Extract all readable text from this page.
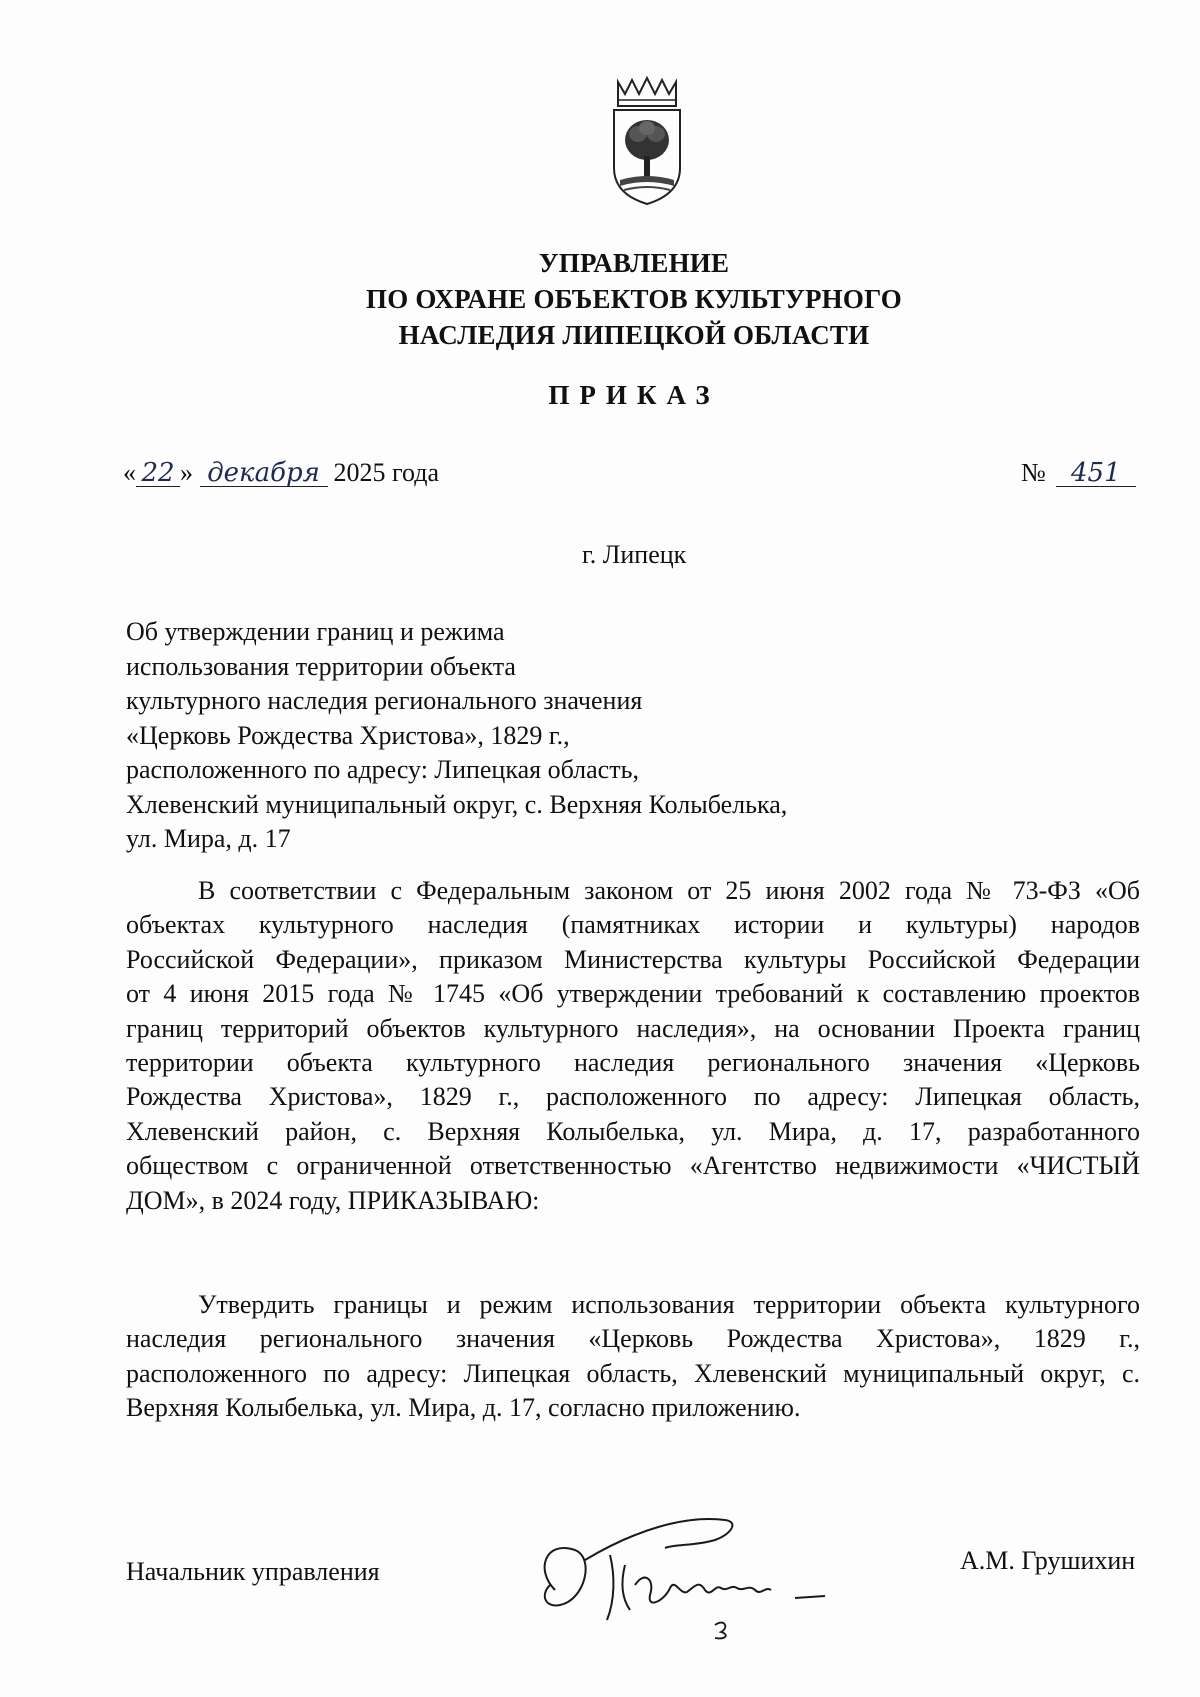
УПРАВЛЕНИЕ
ПО ОХРАНЕ ОБЪЕКТОВ КУЛЬТУРНОГО
НАСЛЕДИЯ ЛИПЕЦКОЙ ОБЛАСТИ
ПРИКАЗ
« 22 » декабря 2025 года	№ 451
г. Липецк
Об утверждении границ и режима
использования территории объекта
культурного наследия регионального значения
«Церковь Рождества Христова», 1829 г.,
расположенного по адресу: Липецкая область,
Хлевенский муниципальный округ, с. Верхняя Колыбелька,
ул. Мира, д. 17
В соответствии с Федеральным законом от 25 июня 2002 года № 73-ФЗ «Об
объектах культурного наследия (памятниках истории и культуры) народов
Российской Федерации», приказом Министерства культуры Российской Федерации
от 4 июня 2015 года № 1745 «Об утверждении требований к составлению проектов
границ территорий объектов культурного наследия», на основании Проекта границ
территории объекта культурного наследия регионального значения «Церковь
Рождества Христова», 1829 г., расположенного по адресу: Липецкая область,
Хлевенский район, с. Верхняя Колыбелька, ул. Мира, д. 17, разработанного
обществом с ограниченной ответственностью «Агентство недвижимости «ЧИСТЫЙ
ДОМ», в 2024 году, ПРИКАЗЫВАЮ:
Утвердить границы и режим использования территории объекта культурного
наследия регионального значения «Церковь Рождества Христова», 1829 г.,
расположенного по адресу: Липецкая область, Хлевенский муниципальный округ, с.
Верхняя Колыбелька, ул. Мира, д. 17, согласно приложению.
Начальник управления	А.М. Грушихин
